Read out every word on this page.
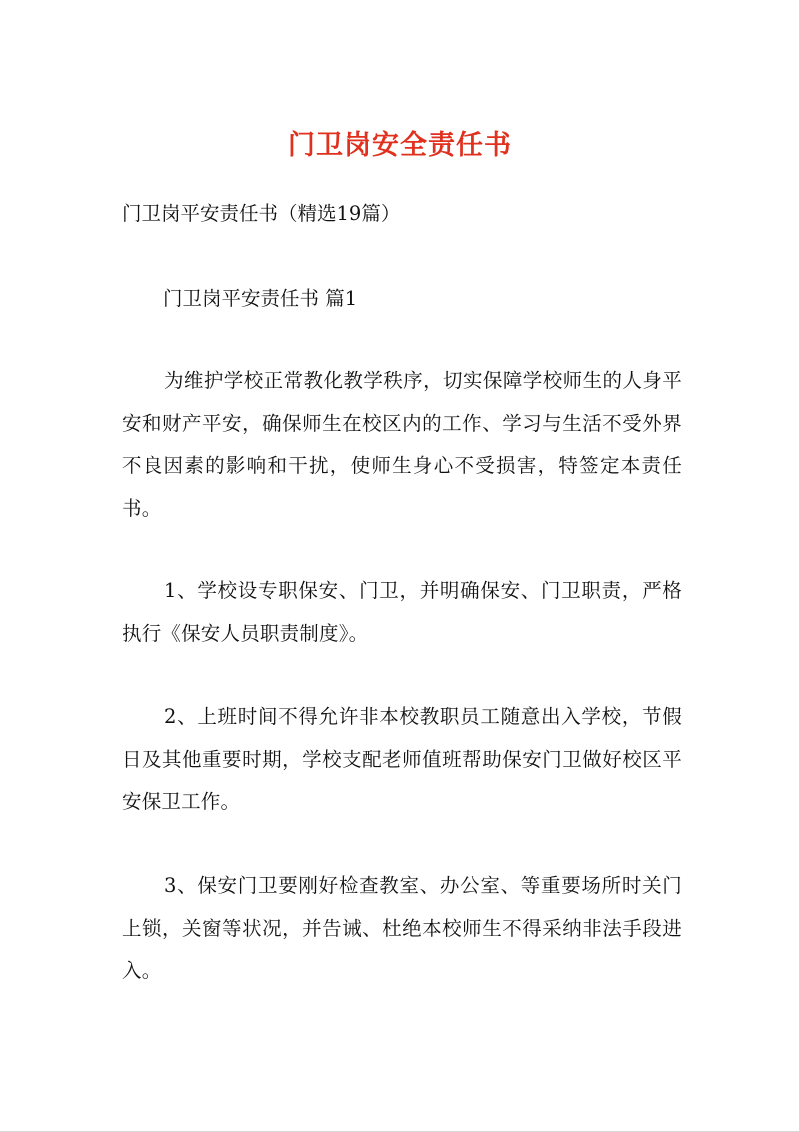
门卫岗安全责任书
门卫岗平安责任书（精选19篇）
门卫岗平安责任书 篇1

为维护学校正常教化教学秩序，切实保障学校师生的人身平安和财产平安，确保师生在校区内的工作、学习与生活不受外界不良因素的影响和干扰，使师生身心不受损害，特签定本责任书。

1、学校设专职保安、门卫，并明确保安、门卫职责，严格执行《保安人员职责制度》。

2、上班时间不得允许非本校教职员工随意出入学校，节假日及其他重要时期，学校支配老师值班帮助保安门卫做好校区平安保卫工作。

3、保安门卫要刚好检查教室、办公室、等重要场所时关门上锁，关窗等状况，并告诫、杜绝本校师生不得采纳非法手段进入。
